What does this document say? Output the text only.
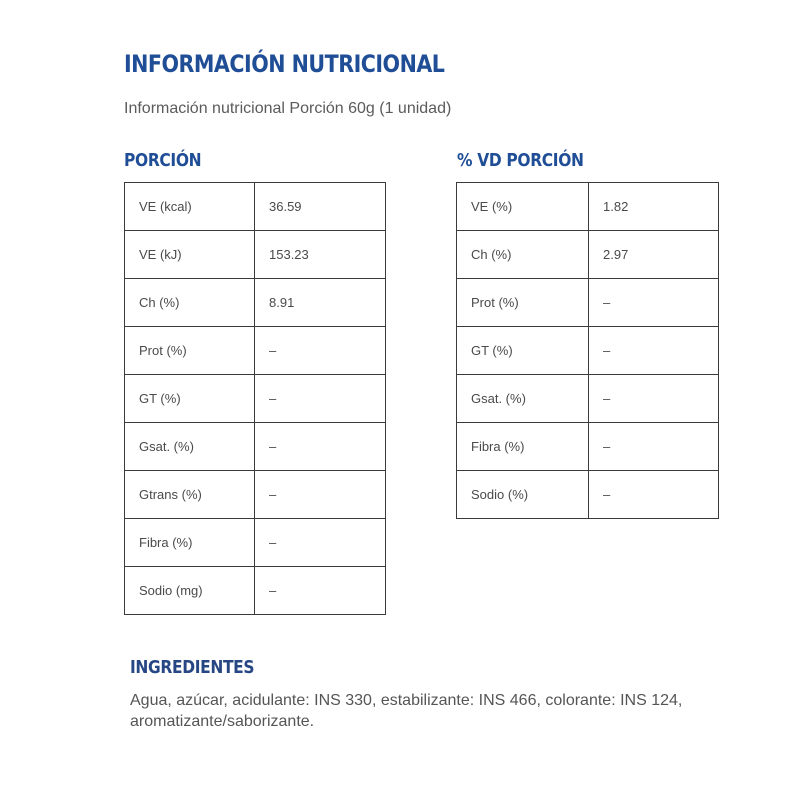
INFORMACIÓN NUTRICIONAL

Información nutricional Porción 60g (1 unidad)

PORCIÓN
VE (kcal)	36.59
VE (kJ)	153.23
Ch (%)	8.91
Prot (%)	–
GT (%)	–
Gsat. (%)	–
Gtrans (%)	–
Fibra (%)	–
Sodio (mg)	–
% VD PORCIÓN
VE (%)	1.82
Ch (%)	2.97
Prot (%)	–
GT (%)	–
Gsat. (%)	–
Fibra (%)	–
Sodio (%)	–
INGREDIENTES

Agua, azúcar, acidulante: INS 330, estabilizante: INS 466, colorante: INS 124, aromatizante/saborizante.
